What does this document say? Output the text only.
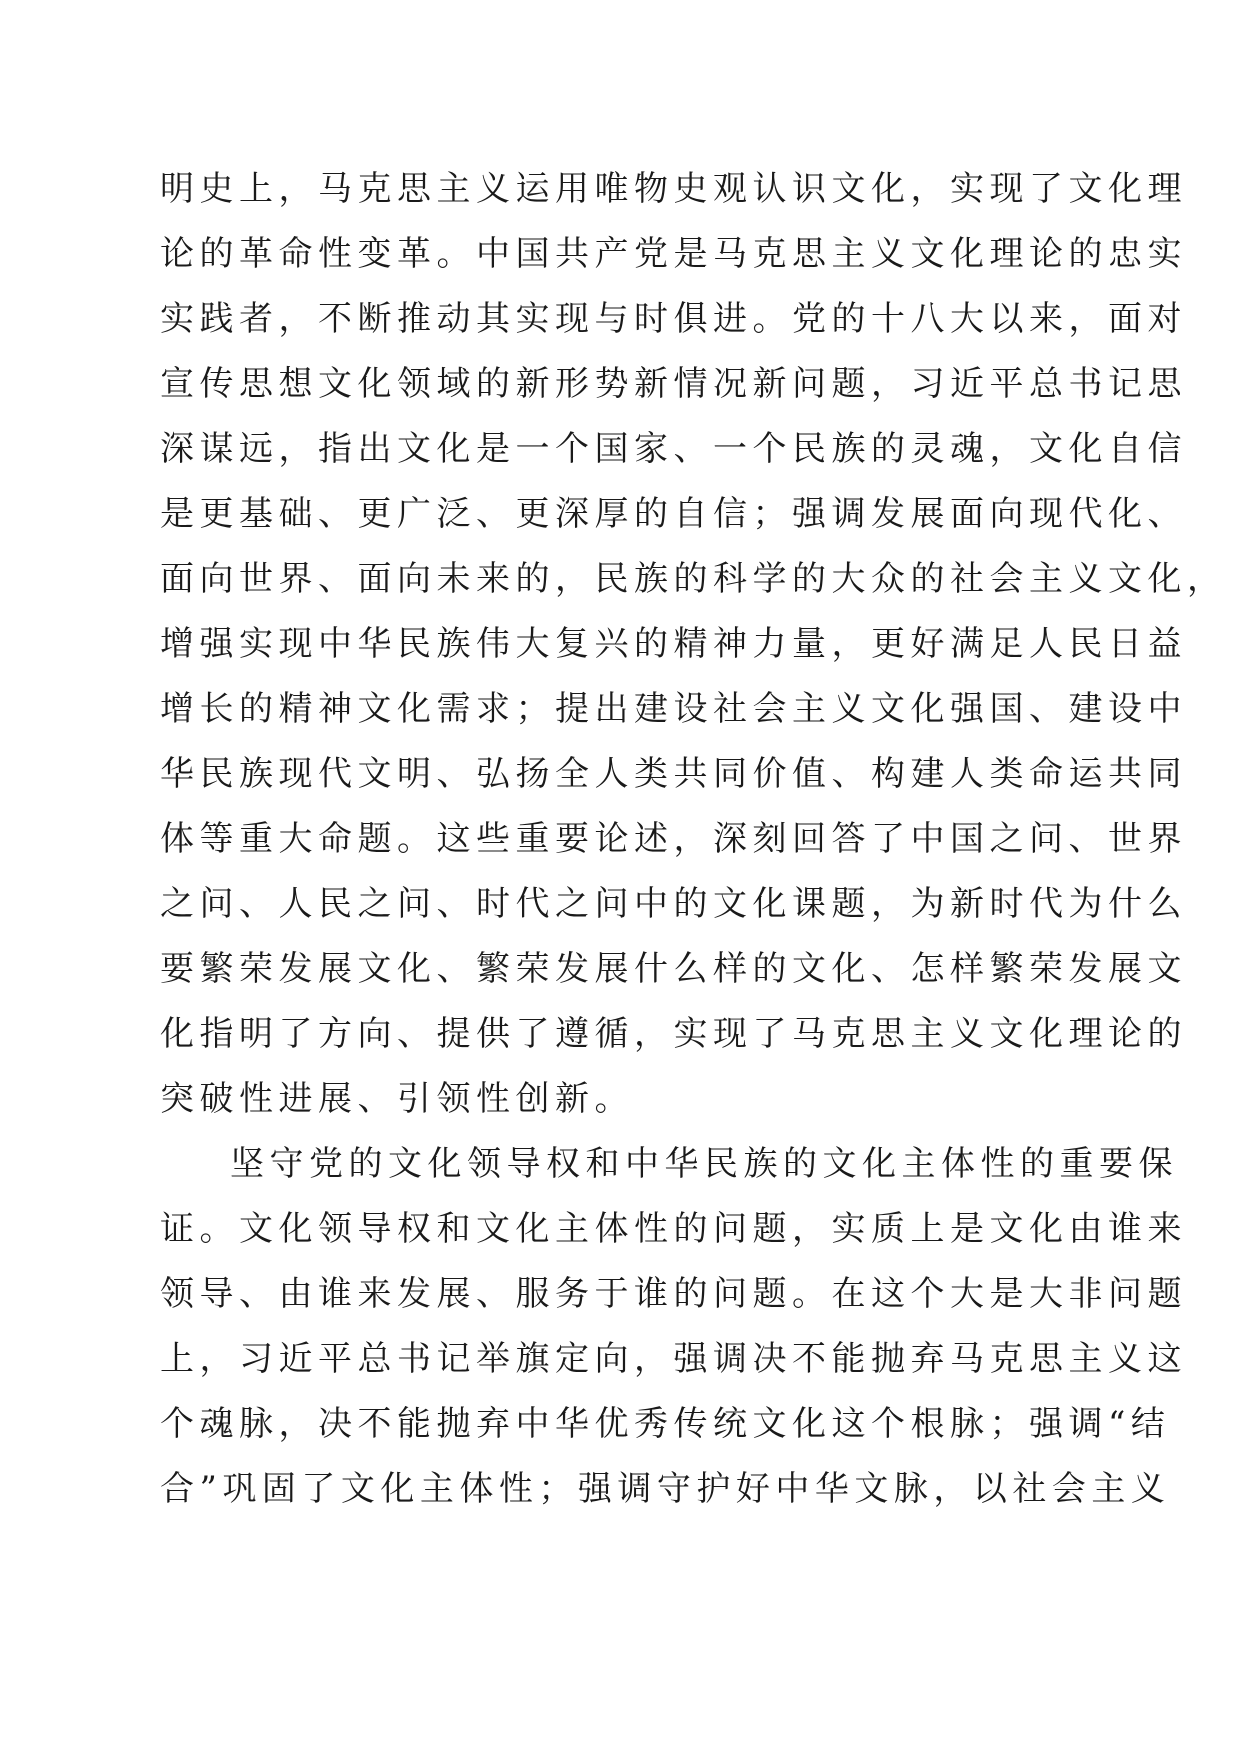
明史上，马克思主义运用唯物史观认识文化，实现了文化理
论的革命性变革。中国共产党是马克思主义文化理论的忠实
实践者，不断推动其实现与时俱进。党的十八大以来，面对
宣传思想文化领域的新形势新情况新问题，习近平总书记思
深谋远，指出文化是一个国家、一个民族的灵魂，文化自信
是更基础、更广泛、更深厚的自信；强调发展面向现代化、
面向世界、面向未来的，民族的科学的大众的社会主义文化，
增强实现中华民族伟大复兴的精神力量，更好满足人民日益
增长的精神文化需求；提出建设社会主义文化强国、建设中
华民族现代文明、弘扬全人类共同价值、构建人类命运共同
体等重大命题。这些重要论述，深刻回答了中国之问、世界
之问、人民之问、时代之问中的文化课题，为新时代为什么
要繁荣发展文化、繁荣发展什么样的文化、怎样繁荣发展文
化指明了方向、提供了遵循，实现了马克思主义文化理论的
突破性进展、引领性创新。
坚守党的文化领导权和中华民族的文化主体性的重要保
证。文化领导权和文化主体性的问题，实质上是文化由谁来
领导、由谁来发展、服务于谁的问题。在这个大是大非问题
上，习近平总书记举旗定向，强调决不能抛弃马克思主义这
个魂脉，决不能抛弃中华优秀传统文化这个根脉；强调“结
合”巩固了文化主体性；强调守护好中华文脉，以社会主义
